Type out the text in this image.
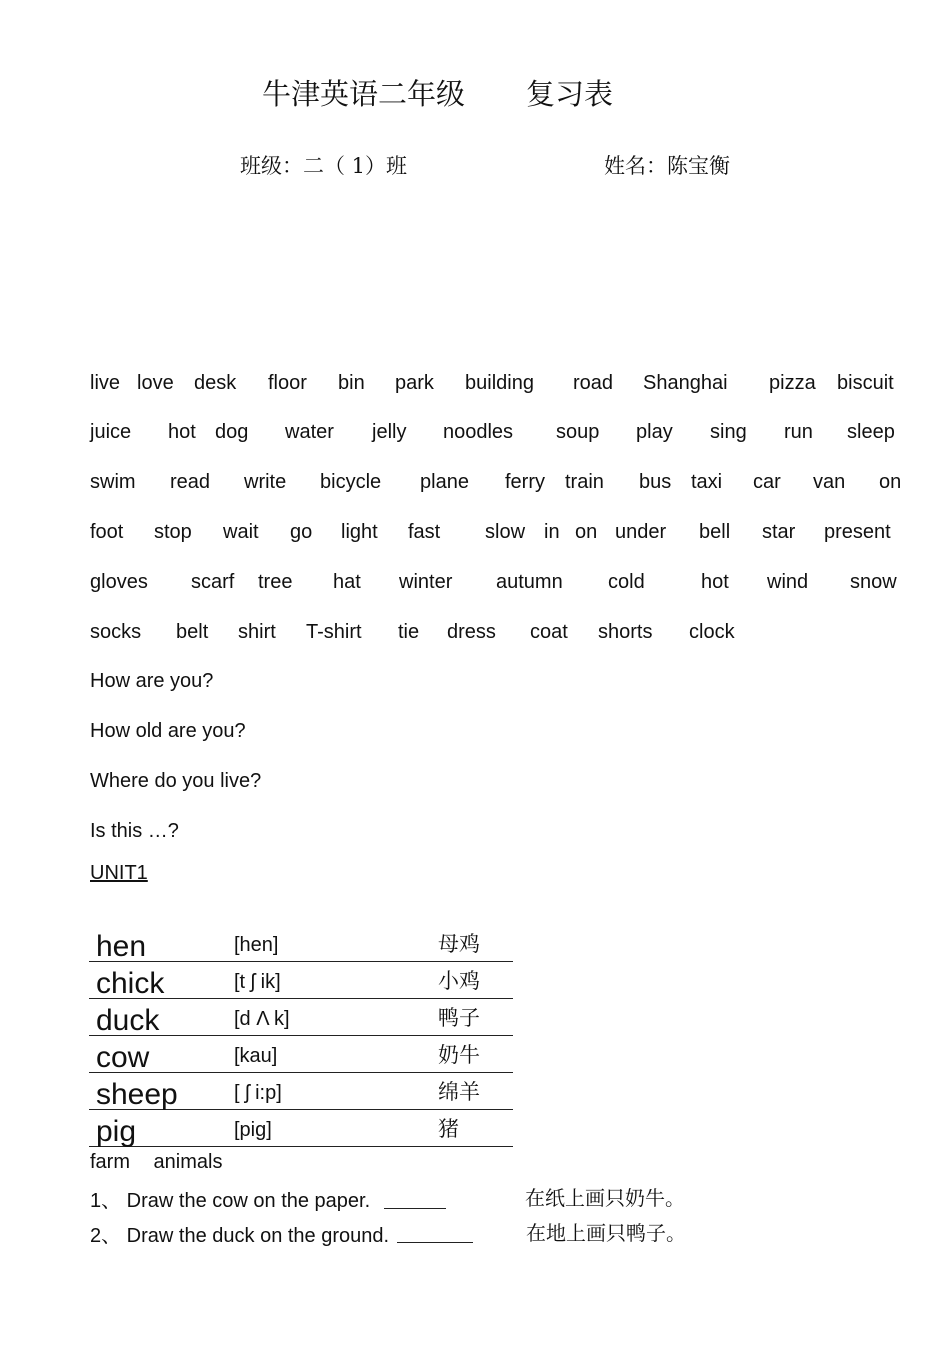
牛津英语二年级 复习表
班级：二（ 1）班	姓名：陈宝衡
live love desk floor bin park building road Shanghai pizza biscuit
juice hot dog water jelly noodles soup play sing run sleep
swim read write bicycle plane ferry train bus taxi car van on
foot stop wait go light fast slow in on under bell star present
gloves scarf tree hat winter autumn cold	hot wind snow
socks belt shirt T-shirt tie dress coat shorts clock
How are you?
How old are you?
Where do you live?
Is this …?
UNIT1
hen	[hen]	母鸡
chick	[t ʃ ik]	小鸡
duck	[d Λ k]	鸭子
cow	[kau]	奶牛
sheep	[ ʃ i:p]	绵羊
pig	[pig]	猪
farm animals
1、 Draw the cow on the paper.	在纸上画只奶牛。
2、 Draw the duck on the ground.	在地上画只鸭子。
